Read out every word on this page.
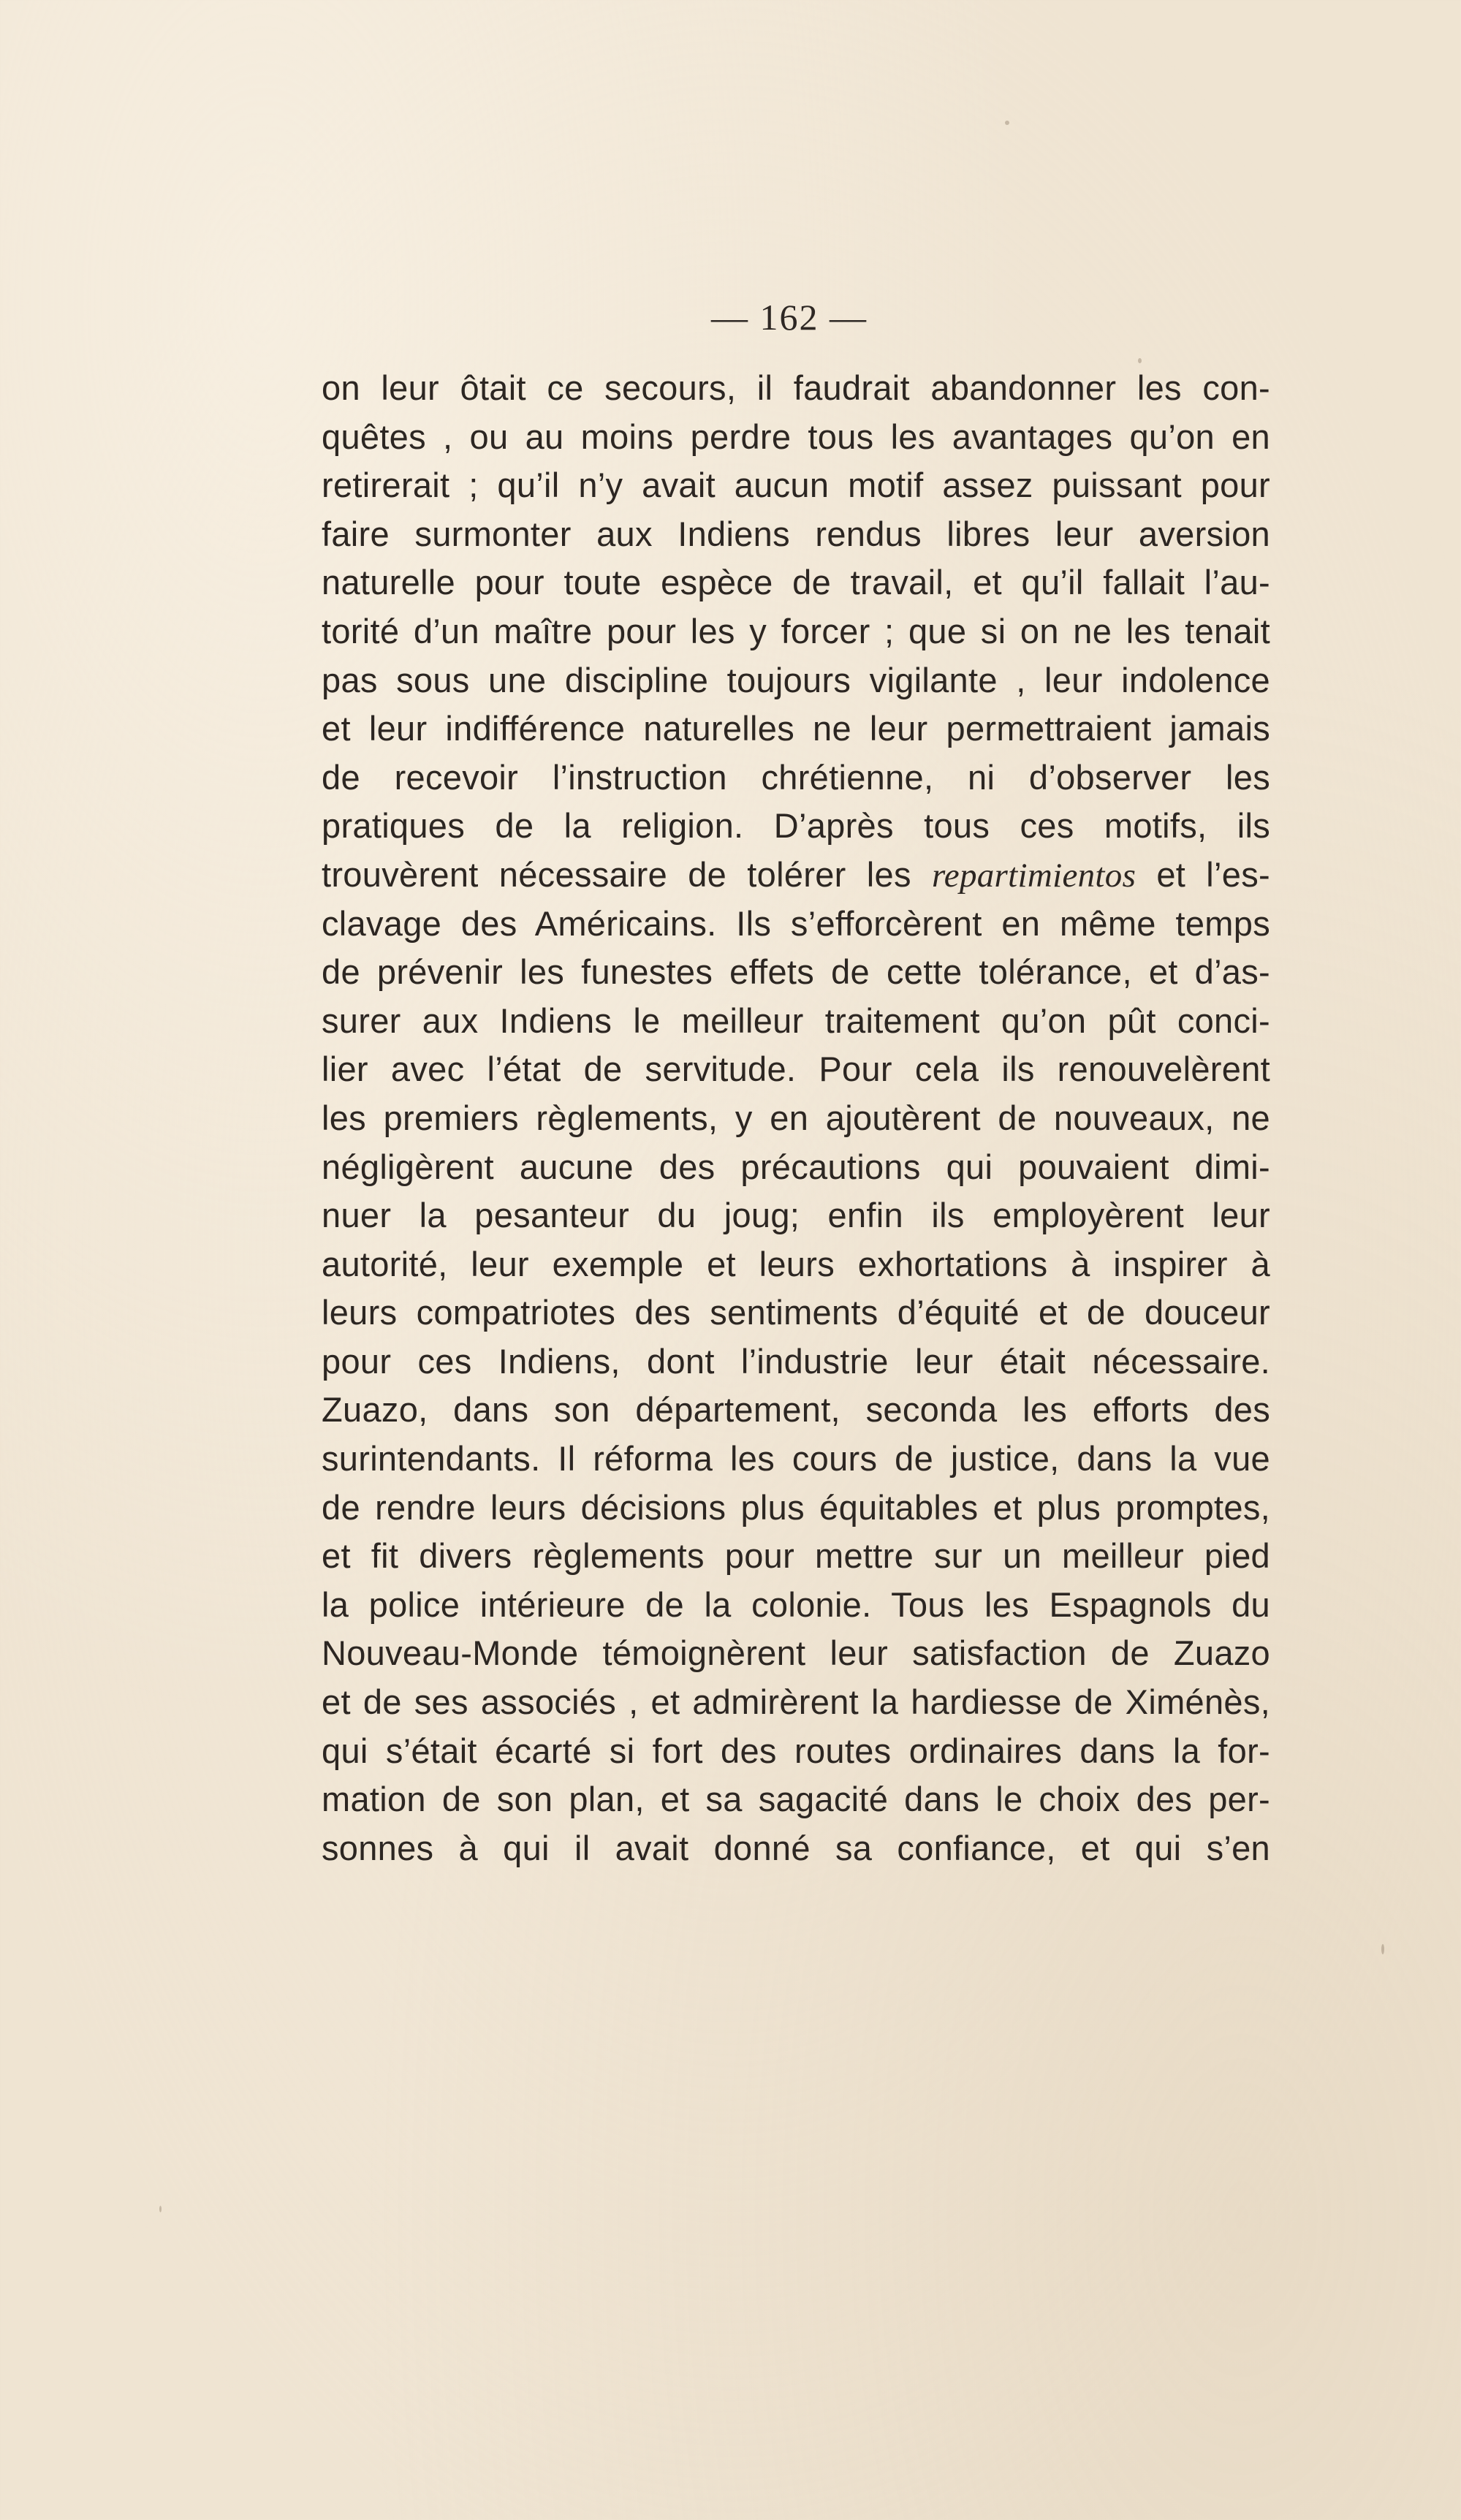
— 162 —
on leur ôtait ce secours, il faudrait abandonner les con-
quêtes , ou au moins perdre tous les avantages qu’on en
retirerait ; qu’il n’y avait aucun motif assez puissant pour
faire surmonter aux Indiens rendus libres leur aversion
naturelle pour toute espèce de travail, et qu’il fallait l’au-
torité d’un maître pour les y forcer ; que si on ne les tenait
pas sous une discipline toujours vigilante , leur indolence
et leur indifférence naturelles ne leur permettraient jamais
de recevoir l’instruction chrétienne, ni d’observer les
pratiques de la religion. D’après tous ces motifs, ils
trouvèrent nécessaire de tolérer les repartimientos et l’es-
clavage des Américains. Ils s’efforcèrent en même temps
de prévenir les funestes effets de cette tolérance, et d’as-
surer aux Indiens le meilleur traitement qu’on pût conci-
lier avec l’état de servitude. Pour cela ils renouvelèrent
les premiers règlements, y en ajoutèrent de nouveaux, ne
négligèrent aucune des précautions qui pouvaient dimi-
nuer la pesanteur du joug; enfin ils employèrent leur
autorité, leur exemple et leurs exhortations à inspirer à
leurs compatriotes des sentiments d’équité et de douceur
pour ces Indiens, dont l’industrie leur était nécessaire.
Zuazo, dans son département, seconda les efforts des
surintendants. Il réforma les cours de justice, dans la vue
de rendre leurs décisions plus équitables et plus promptes,
et fit divers règlements pour mettre sur un meilleur pied
la police intérieure de la colonie. Tous les Espagnols du
Nouveau-Monde témoignèrent leur satisfaction de Zuazo
et de ses associés , et admirèrent la hardiesse de Ximénès,
qui s’était écarté si fort des routes ordinaires dans la for-
mation de son plan, et sa sagacité dans le choix des per-
sonnes à qui il avait donné sa confiance, et qui s’en
